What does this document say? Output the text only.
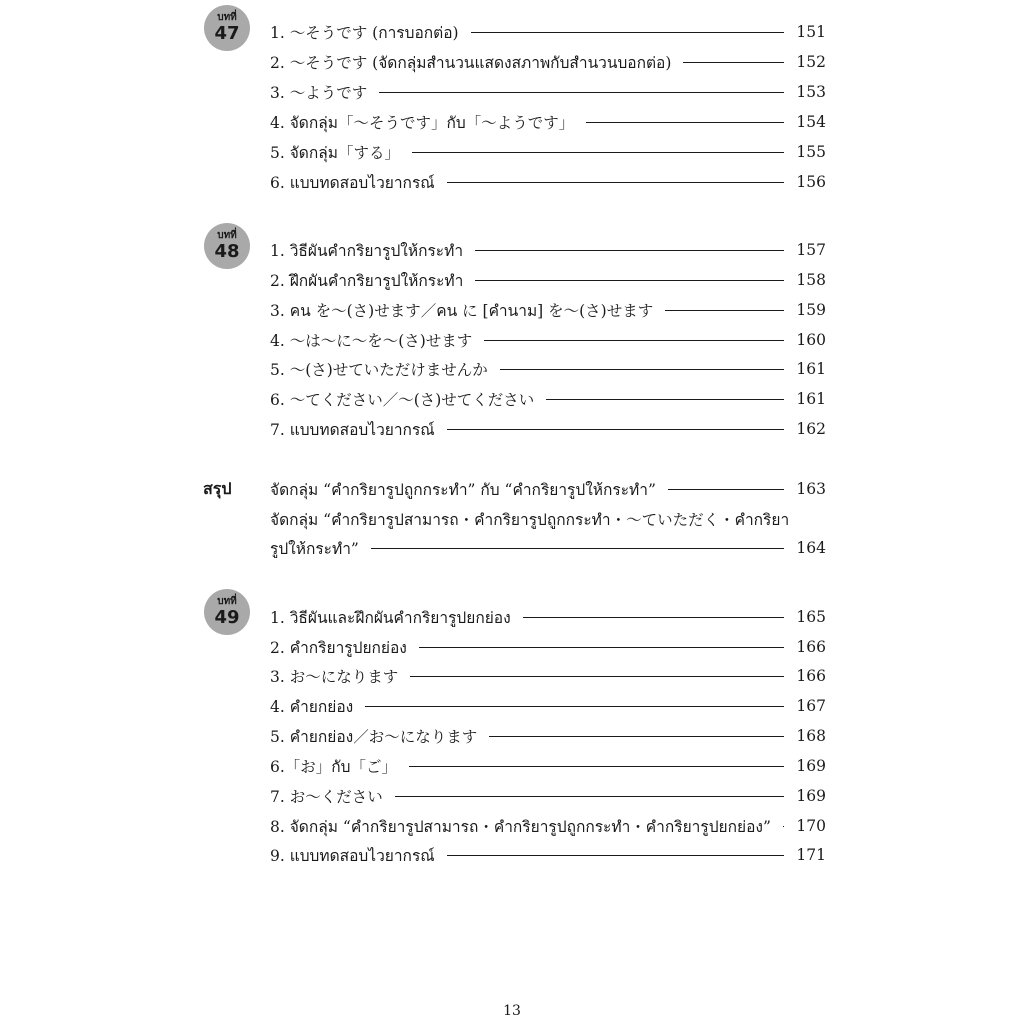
บทที่
47 1. ～そうです (การบอกต่อ)	151
2. ～そうです (จัดกลุ่มสำนวนแสดงสภาพกับสำนวนบอกต่อ)	152
3. ～ようです	153
4. จัดกลุ่ม「～そうです」กับ「～ようです」	154
5. จัดกลุ่ม「する」	155
6. แบบทดสอบไวยากรณ์	156
บทที่
48 1. วิธีผันคำกริยารูปให้กระทำ	157
2. ฝึกผันคำกริยารูปให้กระทำ	158
3. คน を～(さ)せます／คน に [คำนาม] を～(さ)せます	159
4. ～は～に～を～(さ)せます	160
5. ～(さ)せていただけませんか	161
6. ～てください／～(さ)せてください	161
7. แบบทดสอบไวยากรณ์	162
สรุป จัดกลุ่ม “คำกริยารูปถูกกระทำ” กับ “คำกริยารูปให้กระทำ”	163
จัดกลุ่ม “คำกริยารูปสามารถ・คำกริยารูปถูกกระทำ・～ていただく・คำกริยา
รูปให้กระทำ”	164
บทที่
49 1. วิธีผันและฝึกผันคำกริยารูปยกย่อง	165
2. คำกริยารูปยกย่อง	166
3. お～になります	166
4. คำยกย่อง	167
5. คำยกย่อง／お～になります	168
6.「お」กับ「ご」	169
7. お～ください	169
8. จัดกลุ่ม “คำกริยารูปสามารถ・คำกริยารูปถูกกระทำ・คำกริยารูปยกย่อง” 170
9. แบบทดสอบไวยากรณ์	171
13
